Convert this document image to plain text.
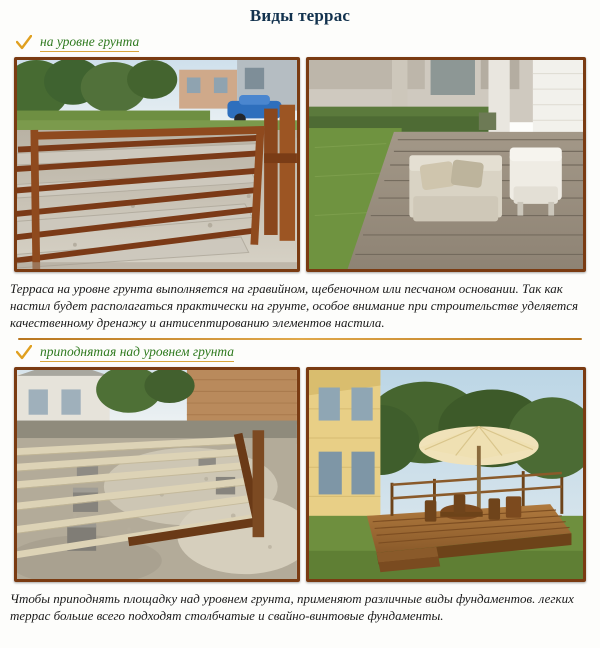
Виды террас
на уровне грунта
Терраса на уровне грунта выполняется на гравийном, щебеночном или песчаном основании. Так как настил будет располагаться практически на грунте, особое внимание при строительстве уделяется качественному дренажу и антисептированию элементов настила.
приподнятая над уровнем грунта
Чтобы приподнять площадку над уровнем грунта, применяют различные виды фундаментов. легких террас больше всего подходят столбчатые и свайно-винтовые фундаменты.
